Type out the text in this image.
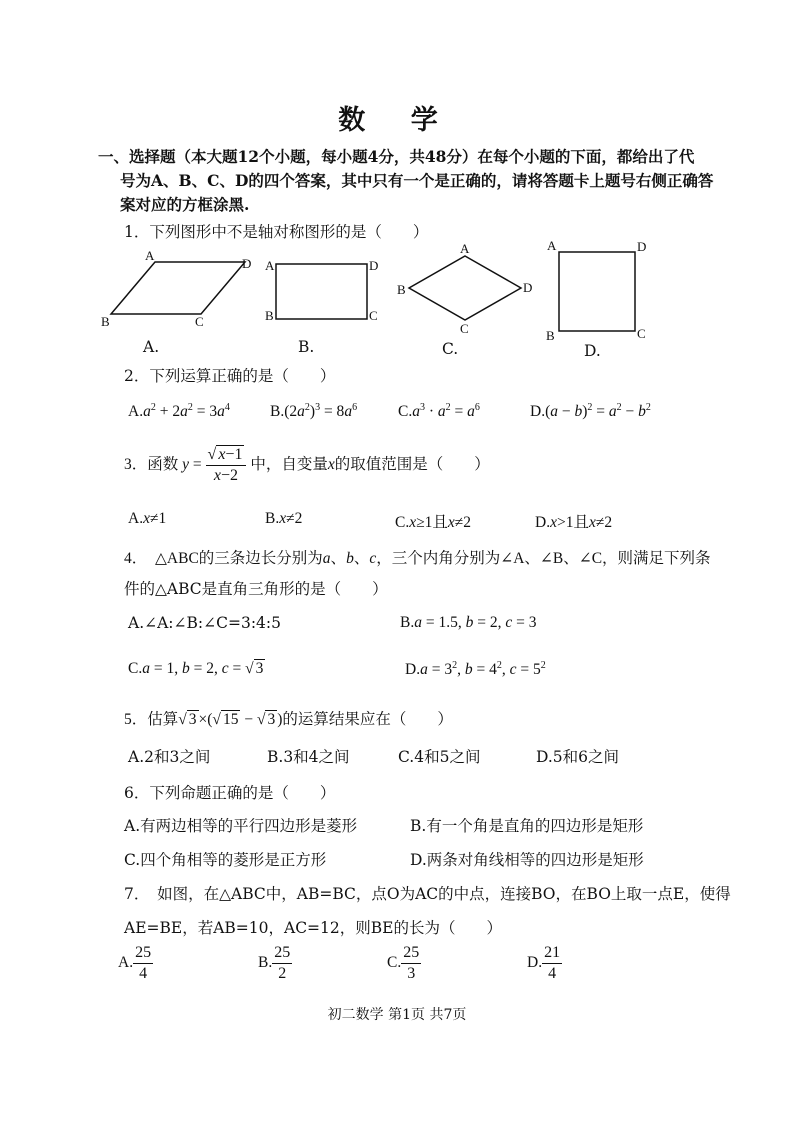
数 学
一、选择题（本大题12个小题，每小题4分，共48分）在每个小题的下面，都给出了代
号为A、B、C、D的四个答案，其中只有一个是正确的，请将答题卡上题号右侧正确答
案对应的方框涂黑.
1．下列图形中不是轴对称图形的是（　　）
A
D
B	C
A	D
B	C
A
D
B
C
A	D
B	C
A.	B.	C.	D.
2．下列运算正确的是（　　）
$A.a^2 + 2a^2 = 3a^4$	$B.(2a^2)^3 = 8a^6$	$C.a^3 \cdot a^2 = a^6$	$D.(a - b)^2 = a^2 - b^2$
3．函数 $y = \frac{√ x-1}{x-2}$ 中，自变量x的取值范围是（　　）
A.x≠1	B.x≠2	C.x≥1且x≠2	D.x>1且x≠2
4．　△ABC的三条边长分别为a、b、c，三个内角分别为∠A、∠B、∠C，则满足下列条
件的△ABC是直角三角形的是（　　）
A.∠A:∠B:∠C=3:4:5	B.a = 1.5, b = 2, c = 3
C.a = 1, b = 2, c = √ 3	$D.a = 3^2$, $b = 4^2$, $c = 5^2$
5．估算√ 3 ×(√ 15 − √ 3 )的运算结果应在（　　）
A.2和3之间	B.3和4之间	C.4和5之间	D.5和6之间
6．下列命题正确的是（　　）
A.有两边相等的平行四边形是菱形	B.有一个角是直角的四边形是矩形
C.四个角相等的菱形是正方形	D.两条对角线相等的四边形是矩形
7．　如图，在△ABC中，AB=BC，点O为AC的中点，连接BO，在BO上取一点E，使得
AE=BE，若AB=10，AC=12，则BE的长为（　　）
A. $\frac{25}{4}$	B. $\frac{25}{2}$	C. $\frac{25}{3}$	D. $\frac{21}{4}$
初二数学 第1页 共7页
